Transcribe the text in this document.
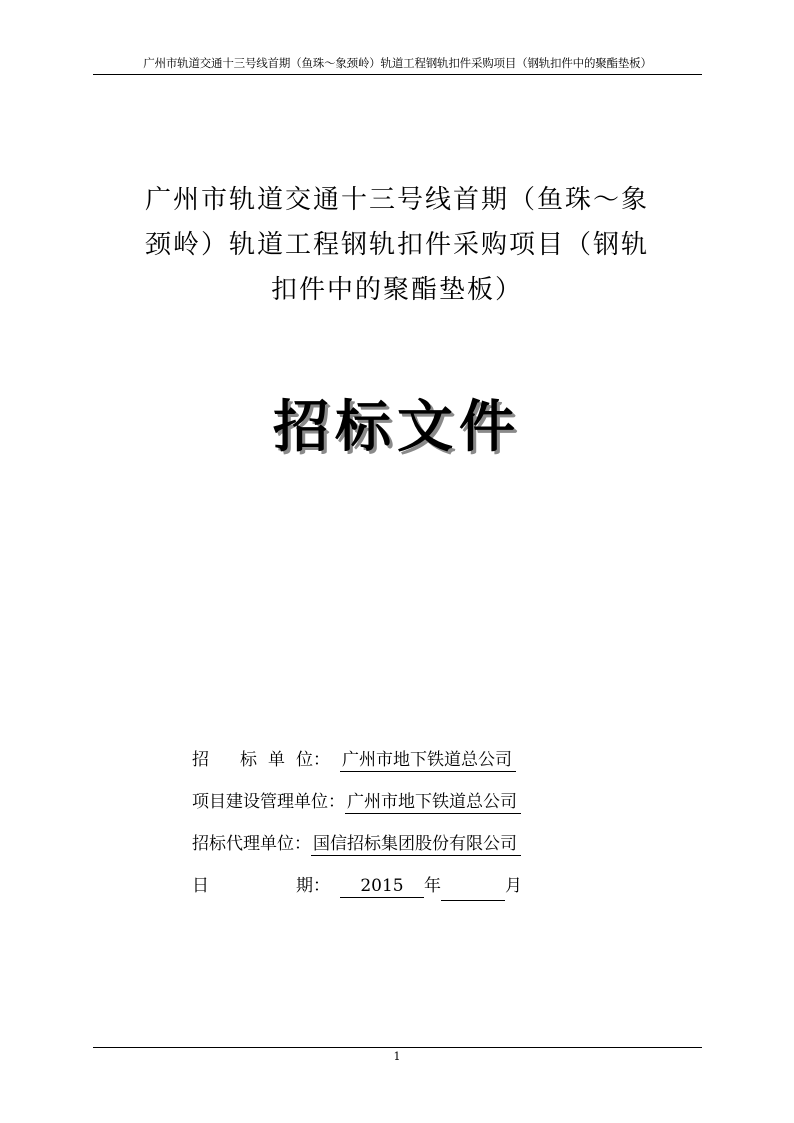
广州市轨道交通十三号线首期（鱼珠～象颈岭）轨道工程钢轨扣件采购项目（钢轨扣件中的聚酯垫板）
广州市轨道交通十三号线首期（鱼珠～象
颈岭）轨道工程钢轨扣件采购项目（钢轨
扣件中的聚酯垫板）
招标文件
招 标 单 位： 广州市地下铁道总公司
项目建设管理单位： 广州市地下铁道总公司
招标代理单位： 国信招标集团股份有限公司
日	期： 2015 年	月
1
